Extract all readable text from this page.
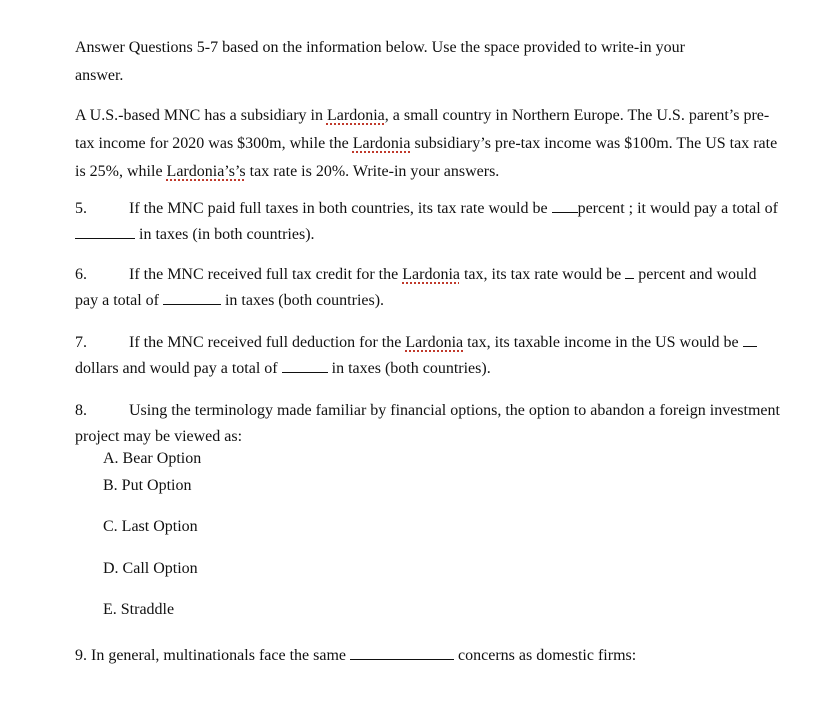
Answer Questions 5-7 based on the information below. Use the space provided to write-in your
answer.
A U.S.-based MNC has a subsidiary in Lardonia, a small country in Northern Europe. The U.S. parent’s pre-tax income for 2020 was $300m, while the Lardonia subsidiary’s pre-tax income was $100m. The US tax rate is 25%, while Lardonia’s’s tax rate is 20%. Write-in your answers.
5.	If the MNC paid full taxes in both countries, its tax rate would be percent ; it would pay a total of  in taxes (in both countries).
6.	If the MNC received full tax credit for the Lardonia tax, its tax rate would be  percent and would pay a total of	in taxes (both countries).
7.	If the MNC received full deduction for the Lardonia tax, its taxable income in the US would be  dollars and would pay a total of	in taxes (both countries).
8.	Using the terminology made familiar by financial options, the option to abandon a foreign investment project may be viewed as:
A. Bear Option
B. Put Option
C. Last Option
D. Call Option
E. Straddle
9. In general, multinationals face the same	concerns as domestic firms:
